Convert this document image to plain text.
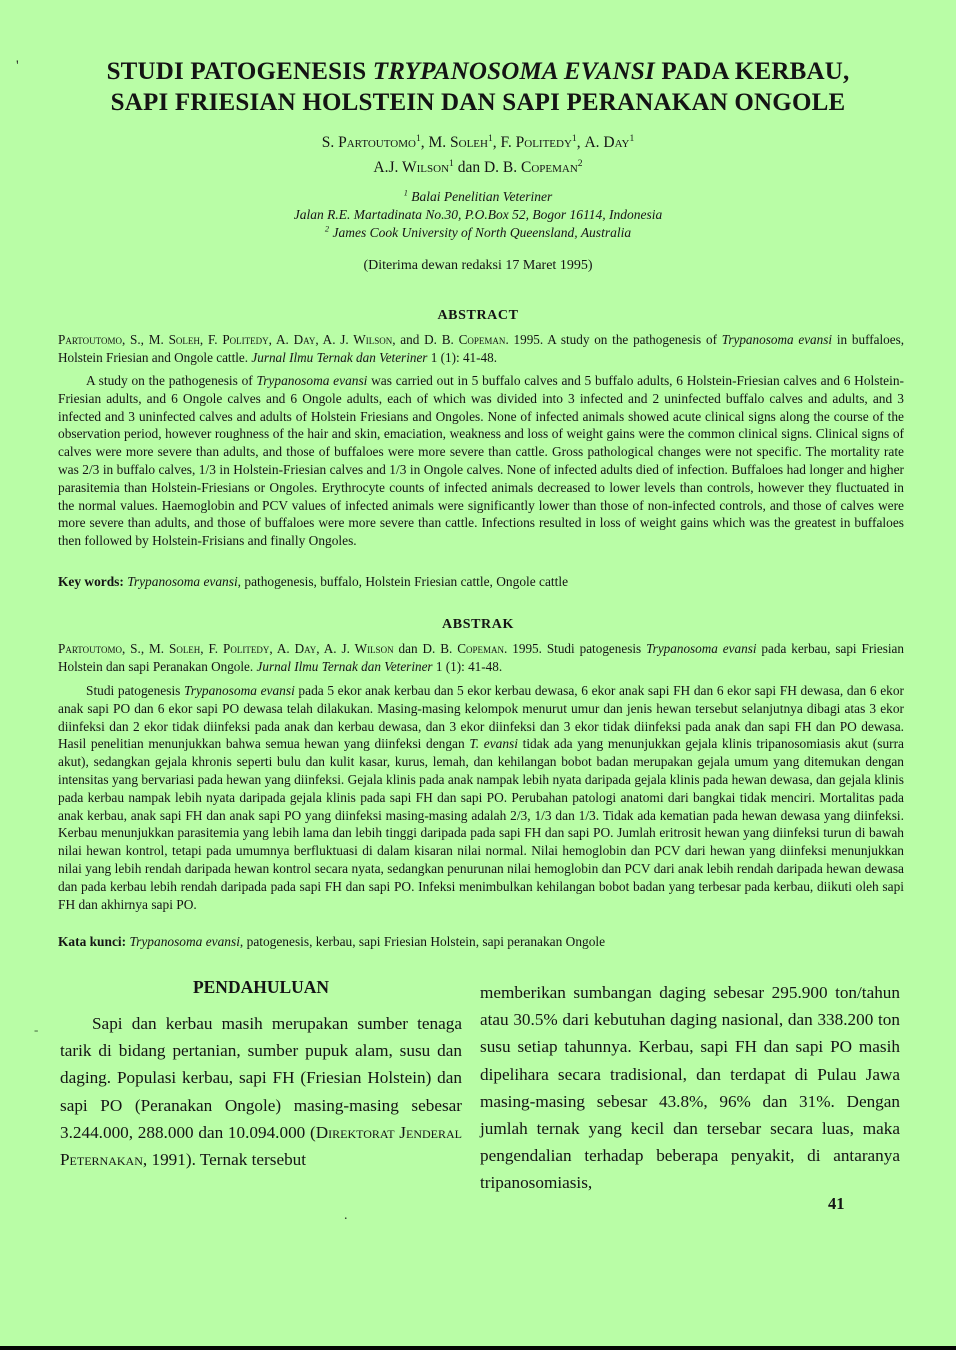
'
-
.
STUDI PATOGENESIS TRYPANOSOMA EVANSI PADA KERBAU,
SAPI FRIESIAN HOLSTEIN DAN SAPI PERANAKAN ONGOLE
S. Partoutomo$^1$, M. Soleh$^1$, F. Politedy$^1$, A. Day$^1$
A.J. Wilson$^1$ dan D. B. Copeman$^2$
$^1$ Balai Penelitian Veteriner
Jalan R.E. Martadinata No.30, P.O.Box 52, Bogor 16114, Indonesia
$^2$ James Cook University of North Queensland, Australia
(Diterima dewan redaksi 17 Maret 1995)
ABSTRACT
Partoutomo, S., M. Soleh, F. Politedy, A. Day, A. J. Wilson, and D. B. Copeman. 1995. A study on the pathogenesis of Trypanosoma evansi in buffaloes, Holstein Friesian and Ongole cattle. Jurnal Ilmu Ternak dan Veteriner 1 (1): 41-48.
A study on the pathogenesis of Trypanosoma evansi was carried out in 5 buffalo calves and 5 buffalo adults, 6 Holstein-Friesian calves and 6 Holstein-Friesian adults, and 6 Ongole calves and 6 Ongole adults, each of which was divided into 3 infected and 2 uninfected buffalo calves and adults, and 3 infected and 3 uninfected calves and adults of Holstein Friesians and Ongoles. None of infected animals showed acute clinical signs along the course of the observation period, however roughness of the hair and skin, emaciation, weakness and loss of weight gains were the common clinical signs. Clinical signs of calves were more severe than adults, and those of buffaloes were more severe than cattle. Gross pathological changes were not specific. The mortality rate was 2/3 in buffalo calves, 1/3 in Holstein-Friesian calves and 1/3 in Ongole calves. None of infected adults died of infection. Buffaloes had longer and higher parasitemia than Holstein-Friesians or Ongoles. Erythrocyte counts of infected animals decreased to lower levels than controls, however they fluctuated in the normal values. Haemoglobin and PCV values of infected animals were significantly lower than those of non-infected controls, and those of calves were more severe than adults, and those of buffaloes were more severe than cattle. Infections resulted in loss of weight gains which was the greatest in buffaloes then followed by Holstein-Frisians and finally Ongoles.
Key words: Trypanosoma evansi, pathogenesis, buffalo, Holstein Friesian cattle, Ongole cattle
ABSTRAK
Partoutomo, S., M. Soleh, F. Politedy, A. Day, A. J. Wilson dan D. B. Copeman. 1995. Studi patogenesis Trypanosoma evansi pada kerbau, sapi Friesian Holstein dan sapi Peranakan Ongole. Jurnal Ilmu Ternak dan Veteriner 1 (1): 41-48.
Studi patogenesis Trypanosoma evansi pada 5 ekor anak kerbau dan 5 ekor kerbau dewasa, 6 ekor anak sapi FH dan 6 ekor sapi FH dewasa, dan 6 ekor anak sapi PO dan 6 ekor sapi PO dewasa telah dilakukan. Masing-masing kelompok menurut umur dan jenis hewan tersebut selanjutnya dibagi atas 3 ekor diinfeksi dan 2 ekor tidak diinfeksi pada anak dan kerbau dewasa, dan 3 ekor diinfeksi dan 3 ekor tidak diinfeksi pada anak dan sapi FH dan PO dewasa. Hasil penelitian menunjukkan bahwa semua hewan yang diinfeksi dengan T. evansi tidak ada yang menunjukkan gejala klinis tripanosomiasis akut (surra akut), sedangkan gejala khronis seperti bulu dan kulit kasar, kurus, lemah, dan kehilangan bobot badan merupakan gejala umum yang ditemukan dengan intensitas yang bervariasi pada hewan yang diinfeksi. Gejala klinis pada anak nampak lebih nyata daripada gejala klinis pada hewan dewasa, dan gejala klinis pada kerbau nampak lebih nyata daripada gejala klinis pada sapi FH dan sapi PO. Perubahan patologi anatomi dari bangkai tidak menciri. Mortalitas pada anak kerbau, anak sapi FH dan anak sapi PO yang diinfeksi masing-masing adalah 2/3, 1/3 dan 1/3. Tidak ada kematian pada hewan dewasa yang diinfeksi. Kerbau menunjukkan parasitemia yang lebih lama dan lebih tinggi daripada pada sapi FH dan sapi PO. Jumlah eritrosit hewan yang diinfeksi turun di bawah nilai hewan kontrol, tetapi pada umumnya berfluktuasi di dalam kisaran nilai normal. Nilai hemoglobin dan PCV dari hewan yang diinfeksi menunjukkan nilai yang lebih rendah daripada hewan kontrol secara nyata, sedangkan penurunan nilai hemoglobin dan PCV dari anak lebih rendah daripada hewan dewasa dan pada kerbau lebih rendah daripada pada sapi FH dan sapi PO. Infeksi menimbulkan kehilangan bobot badan yang terbesar pada kerbau, diikuti oleh sapi FH dan akhirnya sapi PO.
Kata kunci: Trypanosoma evansi, patogenesis, kerbau, sapi Friesian Holstein, sapi peranakan Ongole
PENDAHULUAN
Sapi dan kerbau masih merupakan sumber tenaga tarik di bidang pertanian, sumber pupuk alam, susu dan daging. Populasi kerbau, sapi FH (Friesian Holstein) dan sapi PO (Peranakan Ongole) masing-masing sebesar 3.244.000, 288.000 dan 10.094.000 (Direktorat Jenderal Peternakan, 1991). Ternak tersebut
memberikan sumbangan daging sebesar 295.900 ton/tahun atau 30.5% dari kebutuhan daging nasional, dan 338.200 ton susu setiap tahunnya. Kerbau, sapi FH dan sapi PO masih dipelihara secara tradisional, dan terdapat di Pulau Jawa masing-masing sebesar 43.8%, 96% dan 31%. Dengan jumlah ternak yang kecil dan tersebar secara luas, maka pengendalian terhadap beberapa penyakit, di antaranya tripanosomiasis,
41
